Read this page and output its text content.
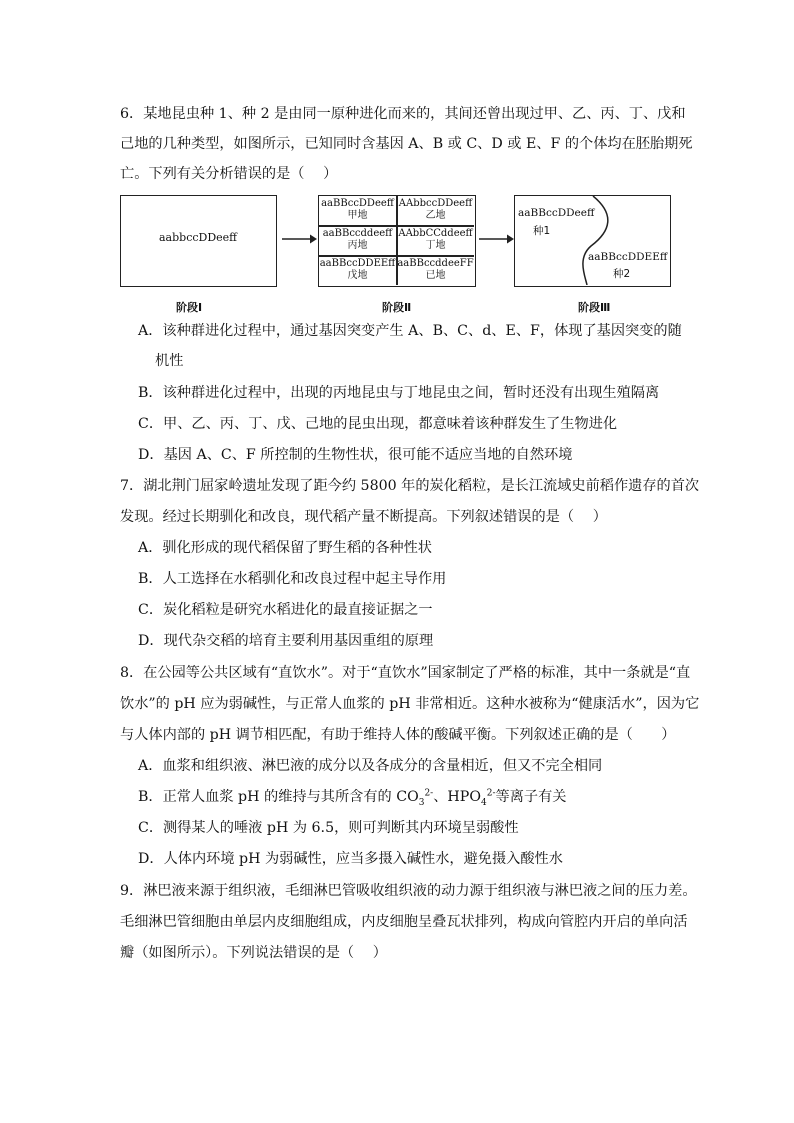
6．某地昆虫种 1、种 2 是由同一原种进化而来的，其间还曾出现过甲、乙、丙、丁、戊和
己地的几种类型，如图所示，已知同时含基因 A、B 或 C、D 或 E、F 的个体均在胚胎期死
亡。下列有关分析错误的是（　 ）
aabbccDDeeff
aaBBccDDeeff
甲地
AAbbccDDeeff
乙地
aaBBccddeeff
丙地
AAbbCCddeeff
丁地
aaBBccDDEEff
戊地
aaBBccddeeFF
已地
aaBBccDDeeff
种1
aaBBccDDEEff
种2
阶段Ⅰ	阶段Ⅱ	阶段Ⅲ
A．该种群进化过程中，通过基因突变产生 A、B、C、d、E、F，体现了基因突变的随
机性
B．该种群进化过程中，出现的丙地昆虫与丁地昆虫之间，暂时还没有出现生殖隔离
C．甲、乙、丙、丁、戊、己地的昆虫出现，都意味着该种群发生了生物进化
D．基因 A、C、F 所控制的生物性状，很可能不适应当地的自然环境
7．湖北荆门屈家岭遗址发现了距今约 5800 年的炭化稻粒，是长江流域史前稻作遗存的首次
发现。经过长期驯化和改良，现代稻产量不断提高。下列叙述错误的是（　 ）
A．驯化形成的现代稻保留了野生稻的各种性状
B．人工选择在水稻驯化和改良过程中起主导作用
C．炭化稻粒是研究水稻进化的最直接证据之一
D．现代杂交稻的培育主要利用基因重组的原理
8．在公园等公共区域有“直饮水”。对于“直饮水”国家制定了严格的标准，其中一条就是“直
饮水”的 pH 应为弱碱性，与正常人血浆的 pH 非常相近。这种水被称为“健康活水”，因为它
与人体内部的 pH 调节相匹配，有助于维持人体的酸碱平衡。下列叙述正确的是（　　）
A．血浆和组织液、淋巴液的成分以及各成分的含量相近，但又不完全相同
B．正常人血浆 pH 的维持与其所含有的 $CO_3^{2-}$、$HPO_4^{2-}$等离子有关
C．测得某人的唾液 pH 为 6.5，则可判断其内环境呈弱酸性
D．人体内环境 pH 为弱碱性，应当多摄入碱性水，避免摄入酸性水
9．淋巴液来源于组织液，毛细淋巴管吸收组织液的动力源于组织液与淋巴液之间的压力差。
毛细淋巴管细胞由单层内皮细胞组成，内皮细胞呈叠瓦状排列，构成向管腔内开启的单向活
瓣（如图所示）。下列说法错误的是（　 ）
